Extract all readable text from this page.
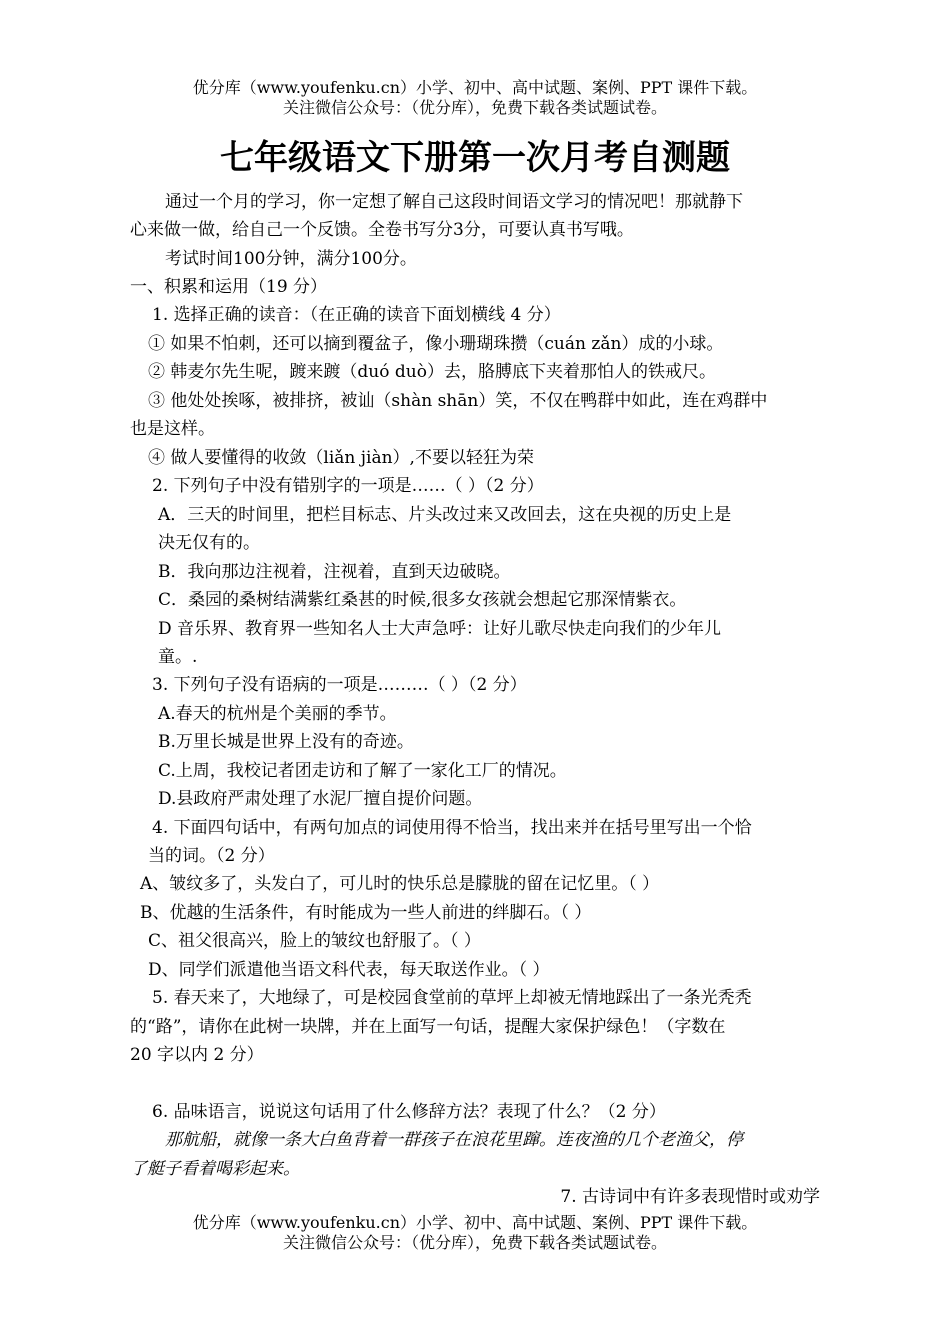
优分库（www.youfenku.cn）小学、初中、高中试题、案例、PPT 课件下载。
关注微信公众号：（优分库），免费下载各类试题试卷。
七年级语文下册第一次月考自测题
通过一个月的学习，你一定想了解自己这段时间语文学习的情况吧！那就静下
心来做一做，给自己一个反馈。全卷书写分3分，可要认真书写哦。
考试时间100分钟，满分100分。
一、积累和运用（19 分）
1. 选择正确的读音：（在正确的读音下面划横线 4 分）
① 如果不怕刺，还可以摘到覆盆子，像小珊瑚珠攒（cuán zǎn）成的小球。
② 韩麦尔先生呢，踱来踱（duó duò）去，胳膊底下夹着那怕人的铁戒尺。
③ 他处处挨啄，被排挤，被讪（shàn shān）笑，不仅在鸭群中如此，连在鸡群中
也是这样。
④ 做人要懂得的收敛（liǎn jiàn）,不要以轻狂为荣
2. 下列句子中没有错别字的一项是……（ ）（2 分）
A．三天的时间里，把栏目标志、片头改过来又改回去，这在央视的历史上是
决无仅有的。
B．我向那边注视着，注视着，直到天边破晓。
C．桑园的桑树结满紫红桑甚的时候,很多女孩就会想起它那深情紫衣。
D 音乐界、教育界一些知名人士大声急呼：让好儿歌尽快走向我们的少年儿
童。.
3. 下列句子没有语病的一项是………（ ）（2 分）
A.春天的杭州是个美丽的季节。
B.万里长城是世界上没有的奇迹。
C.上周，我校记者团走访和了解了一家化工厂的情况。
D.县政府严肃处理了水泥厂擅自提价问题。
4. 下面四句话中，有两句加点的词使用得不恰当，找出来并在括号里写出一个恰
当的词。（2 分）
A、皱纹多了，头发白了，可儿时的快乐总是朦胧的留在记忆里。（ ）
B、优越的生活条件，有时能成为一些人前进的绊脚石。（ ）
C、祖父很高兴，脸上的皱纹也舒服了。（ ）
D、同学们派遣他当语文科代表，每天取送作业。（ ）
5. 春天来了，大地绿了，可是校园食堂前的草坪上却被无情地踩出了一条光秃秃
的“路”，请你在此树一块牌，并在上面写一句话，提醒大家保护绿色！（字数在
20 字以内 2 分）
6. 品味语言，说说这句话用了什么修辞方法？表现了什么？（2 分）
那航船，就像一条大白鱼背着一群孩子在浪花里蹿。连夜渔的几个老渔父，停
了艇子看着喝彩起来。
7. 古诗词中有许多表现惜时或劝学
优分库（www.youfenku.cn）小学、初中、高中试题、案例、PPT 课件下载。
关注微信公众号：（优分库），免费下载各类试题试卷。
